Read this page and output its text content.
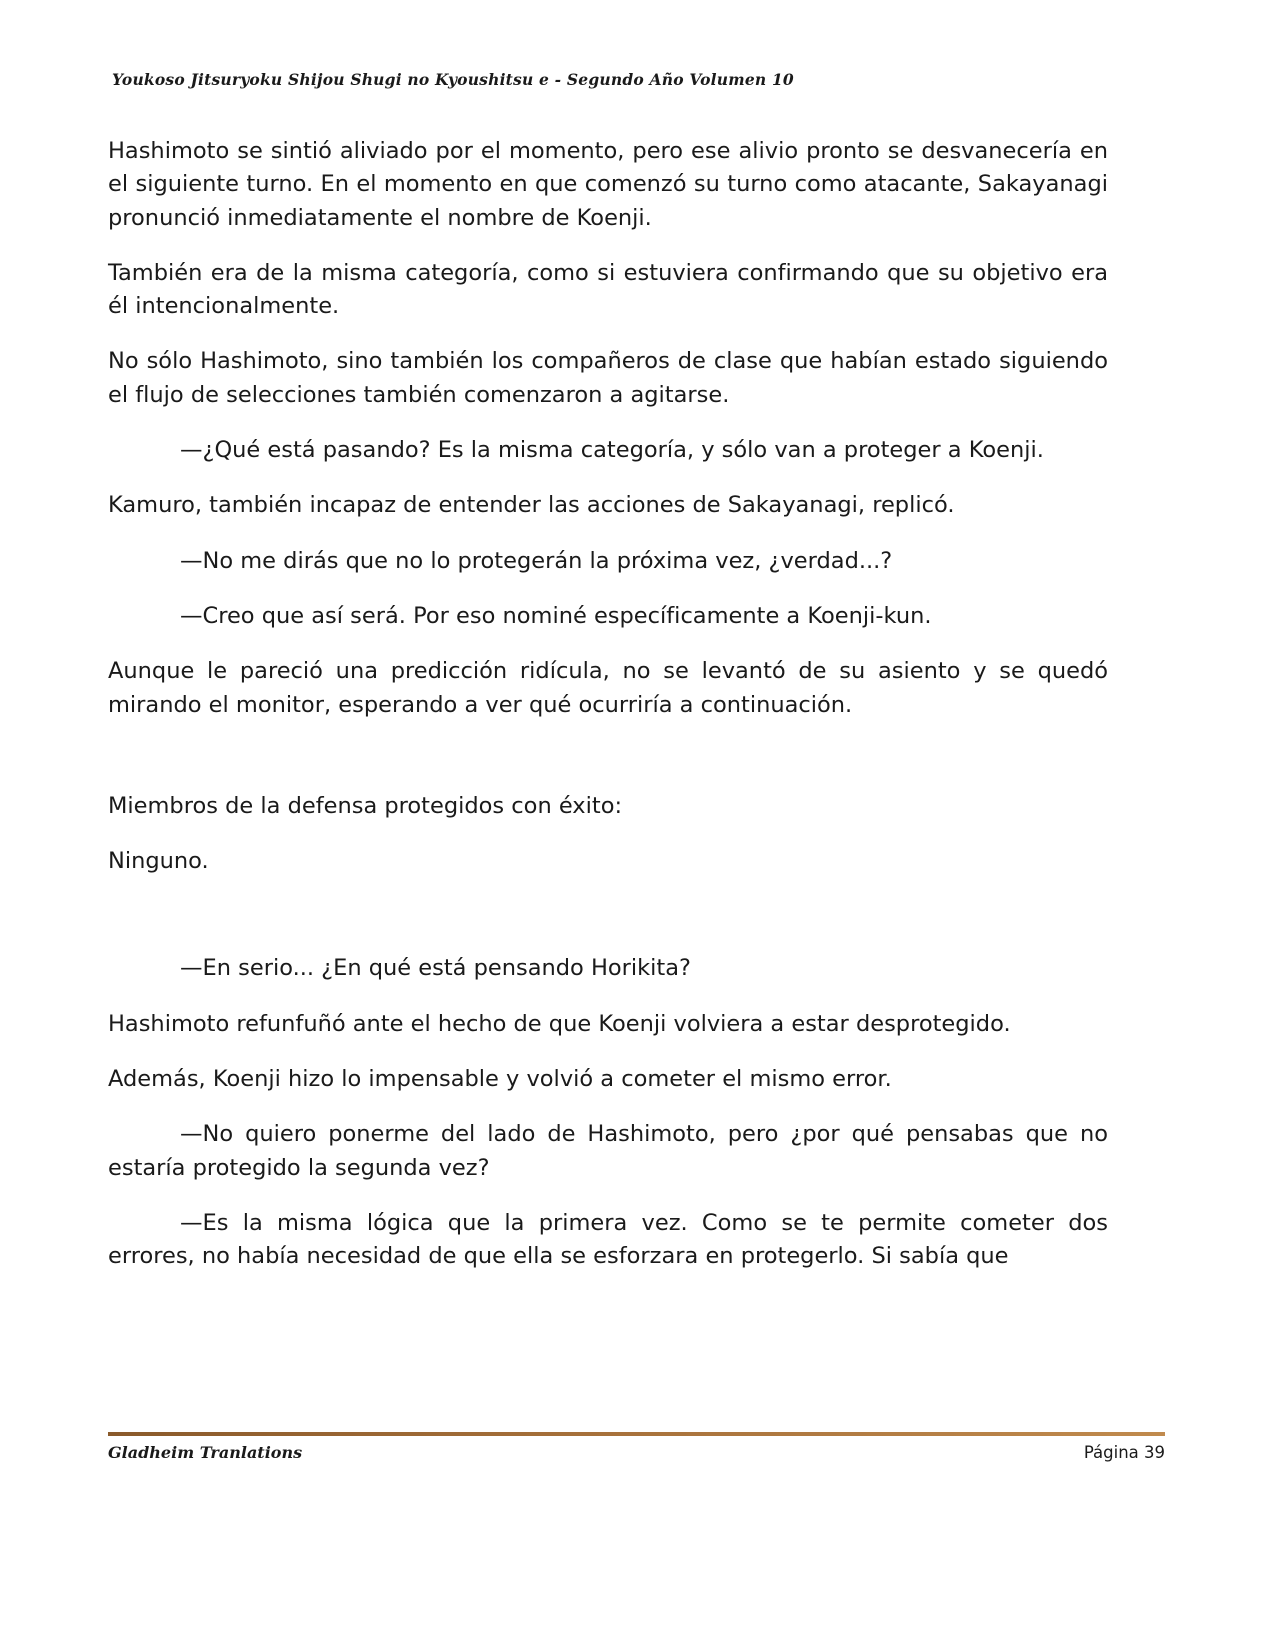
Youkoso Jitsuryoku Shijou Shugi no Kyoushitsu e - Segundo Año Volumen 10

Hashimoto se sintió aliviado por el momento, pero ese alivio pronto se desvanecería en el siguiente turno. En el momento en que comenzó su turno como atacante, Sakayanagi pronunció inmediatamente el nombre de Koenji.

También era de la misma categoría, como si estuviera confirmando que su objetivo era él intencionalmente.

No sólo Hashimoto, sino también los compañeros de clase que habían estado siguiendo el flujo de selecciones también comenzaron a agitarse.

—¿Qué está pasando? Es la misma categoría, y sólo van a proteger a Koenji.

Kamuro, también incapaz de entender las acciones de Sakayanagi, replicó.

—No me dirás que no lo protegerán la próxima vez, ¿verdad...?

—Creo que así será. Por eso nominé específicamente a Koenji-kun.

Aunque le pareció una predicción ridícula, no se levantó de su asiento y se quedó mirando el monitor, esperando a ver qué ocurriría a continuación.

Miembros de la defensa protegidos con éxito:

Ninguno.

—En serio... ¿En qué está pensando Horikita?

Hashimoto refunfuñó ante el hecho de que Koenji volviera a estar desprotegido.

Además, Koenji hizo lo impensable y volvió a cometer el mismo error.

—No quiero ponerme del lado de Hashimoto, pero ¿por qué pensabas que no estaría protegido la segunda vez?

—Es la misma lógica que la primera vez. Como se te permite cometer dos errores, no había necesidad de que ella se esforzara en protegerlo. Si sabía que

Gladheim Tranlations	Página 39
